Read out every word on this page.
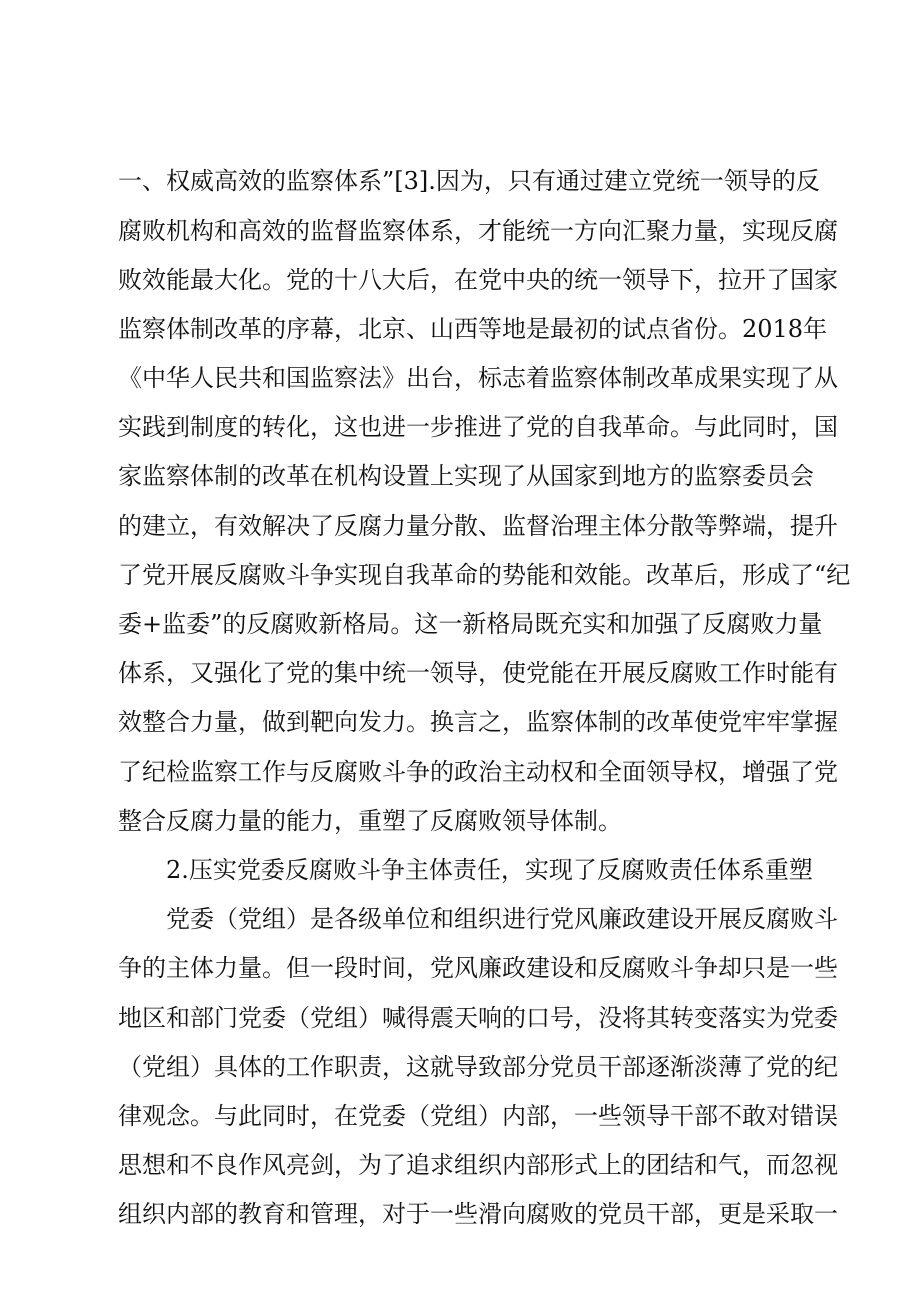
一、权威高效的监察体系”[3].因为，只有通过建立党统一领导的反
腐败机构和高效的监督监察体系，才能统一方向汇聚力量，实现反腐
败效能最大化。党的十八大后，在党中央的统一领导下，拉开了国家
监察体制改革的序幕，北京、山西等地是最初的试点省份。2018年
《中华人民共和国监察法》出台，标志着监察体制改革成果实现了从
实践到制度的转化，这也进一步推进了党的自我革命。与此同时，国
家监察体制的改革在机构设置上实现了从国家到地方的监察委员会
的建立，有效解决了反腐力量分散、监督治理主体分散等弊端，提升
了党开展反腐败斗争实现自我革命的势能和效能。改革后，形成了“纪
委+监委”的反腐败新格局。这一新格局既充实和加强了反腐败力量
体系，又强化了党的集中统一领导，使党能在开展反腐败工作时能有
效整合力量，做到靶向发力。换言之，监察体制的改革使党牢牢掌握
了纪检监察工作与反腐败斗争的政治主动权和全面领导权，增强了党
整合反腐力量的能力，重塑了反腐败领导体制。
2.压实党委反腐败斗争主体责任，实现了反腐败责任体系重塑
党委（党组）是各级单位和组织进行党风廉政建设开展反腐败斗
争的主体力量。但一段时间，党风廉政建设和反腐败斗争却只是一些
地区和部门党委（党组）喊得震天响的口号，没将其转变落实为党委
（党组）具体的工作职责，这就导致部分党员干部逐渐淡薄了党的纪
律观念。与此同时，在党委（党组）内部，一些领导干部不敢对错误
思想和不良作风亮剑，为了追求组织内部形式上的团结和气，而忽视
组织内部的教育和管理，对于一些滑向腐败的党员干部，更是采取一
